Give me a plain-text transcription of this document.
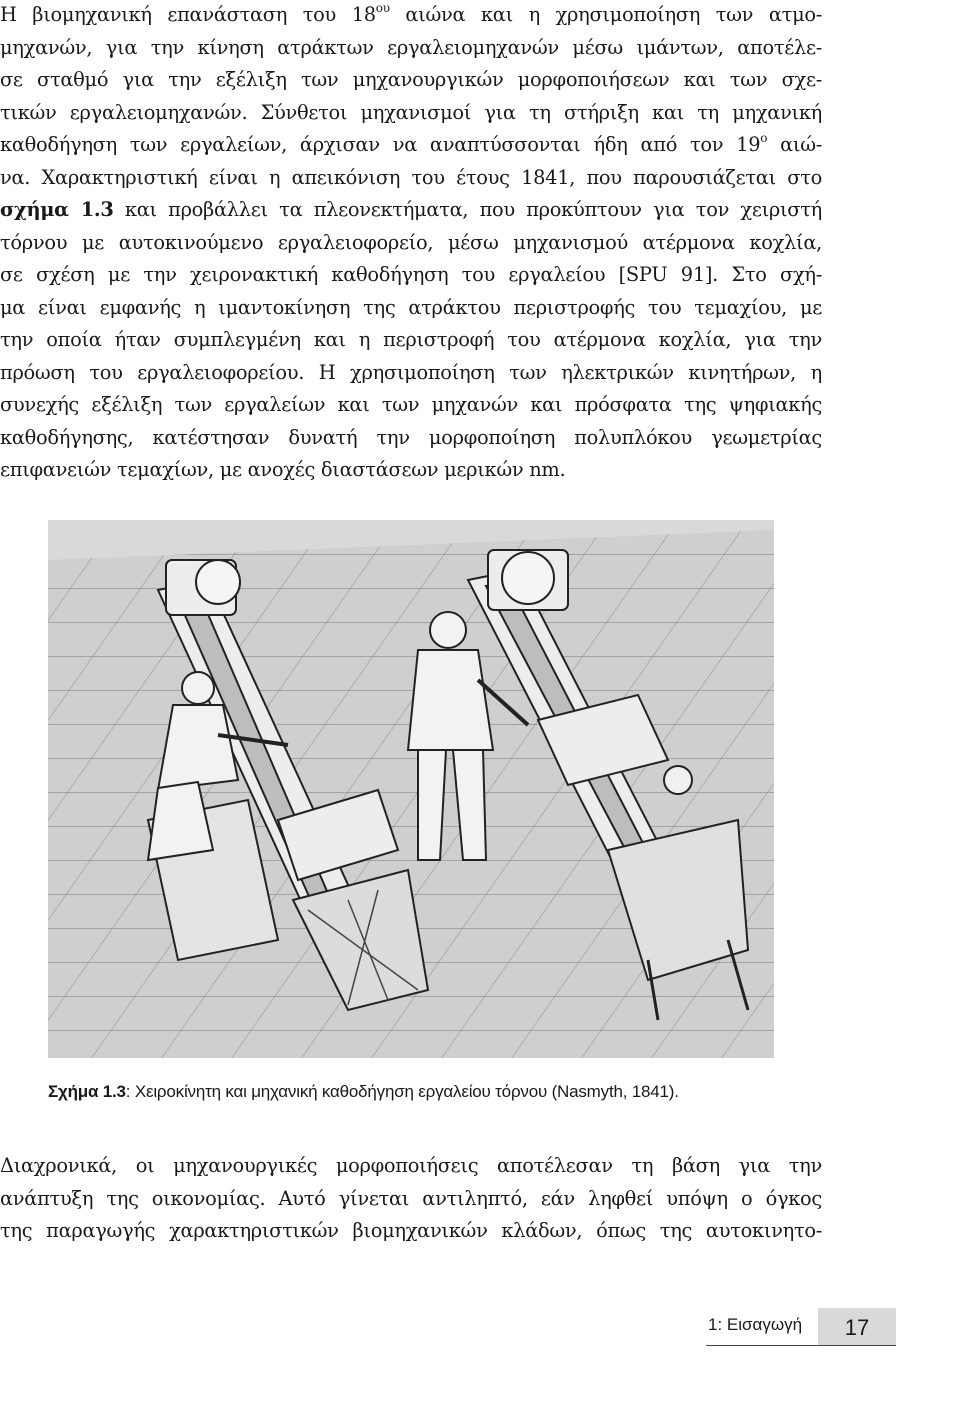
Η βιομηχανική επανάσταση του $18^{o\upsilon}$ αιώνα και η χρησιμοποίηση των ατμο-
μηχανών, για την κίνηση ατράκτων εργαλειομηχανών μέσω ιμάντων, αποτέλε-
σε σταθμό για την εξέλιξη των μηχανουργικών μορφοποιήσεων και των σχε-
τικών εργαλειομηχανών. Σύνθετοι μηχανισμοί για τη στήριξη και τη μηχανική
καθοδήγηση των εργαλείων, άρχισαν να αναπτύσσονται ήδη από τον $19^o$ αιώ-
να. Χαρακτηριστική είναι η απεικόνιση του έτους 1841, που παρουσιάζεται στο
σχήμα 1.3 και προβάλλει τα πλεονεκτήματα, που προκύπτουν για τον χειριστή
τόρνου με αυτοκινούμενο εργαλειοφορείο, μέσω μηχανισμού ατέρμονα κοχλία,
σε σχέση με την χειρονακτική καθοδήγηση του εργαλείου [SPU 91]. Στο σχή-
μα είναι εμφανής η ιμαντοκίνηση της ατράκτου περιστροφής του τεμαχίου, με
την οποία ήταν συμπλεγμένη και η περιστροφή του ατέρμονα κοχλία, για την
πρόωση του εργαλειοφορείου. Η χρησιμοποίηση των ηλεκτρικών κινητήρων, η
συνεχής εξέλιξη των εργαλείων και των μηχανών και πρόσφατα της ψηφιακής
καθοδήγησης, κατέστησαν δυνατή την μορφοποίηση πολυπλόκου γεωμετρίας
επιφανειών τεμαχίων, με ανοχές διαστάσεων μερικών nm.
Σχήμα 1.3: Χειροκίνητη και μηχανική καθοδήγηση εργαλείου τόρνου (Nasmyth, 1841).
Διαχρονικά, οι μηχανουργικές μορφοποιήσεις αποτέλεσαν τη βάση για την
ανάπτυξη της οικονομίας. Αυτό γίνεται αντιληπτό, εάν ληφθεί υπόψη ο όγκος
της παραγωγής χαρακτηριστικών βιομηχανικών κλάδων, όπως της αυτοκινητο-
1: Εισαγωγή	17
